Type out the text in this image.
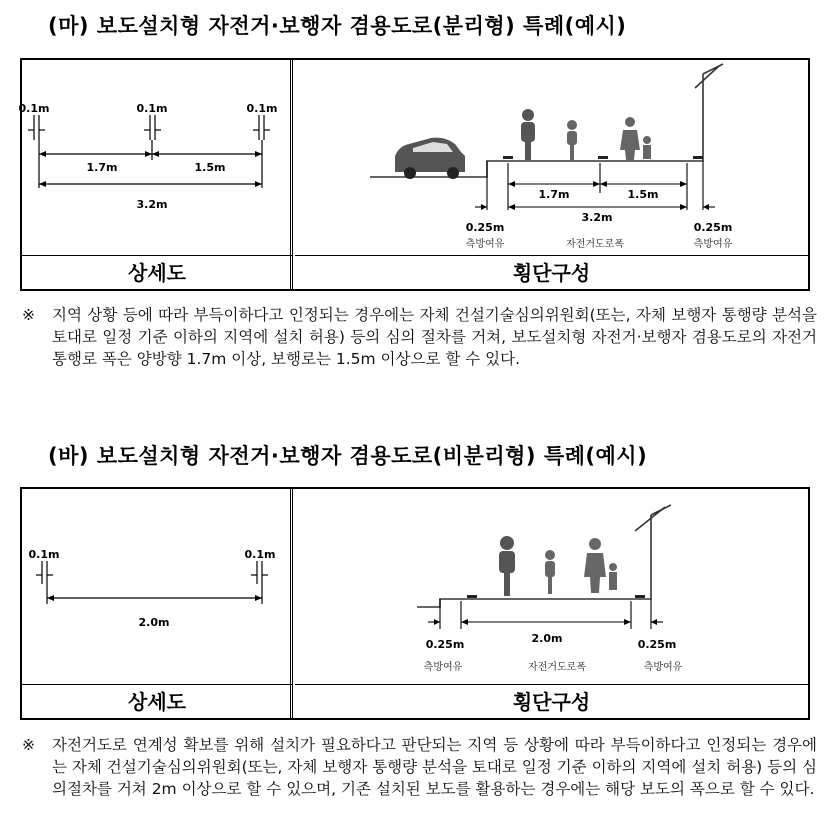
(마) 보도설치형 자전거·보행자 겸용도로(분리형) 특례(예시)
0.1m	0.1m	0.1m
1.7m	1.5m
3.2m
상세도
1.7m	1.5m
3.2m
0.25m	0.25m
측방여유	자전거도로폭	측방여유
횡단구성
※ 지역 상황 등에 따라 부득이하다고 인정되는 경우에는 자체 건설기술심의위원회(또는, 자체 보행자 통행량 분석을 토대로 일정 기준 이하의 지역에 설치 허용) 등의 심의 절차를 거쳐, 보도설치형 자전거·보행자 겸용도로의 자전거 통행로 폭은 양방향 1.7m 이상, 보행로는 1.5m 이상으로 할 수 있다.
(바) 보도설치형 자전거·보행자 겸용도로(비분리형) 특례(예시)
0.1m	0.1m
2.0m
상세도
2.0m
0.25m	0.25m
측방여유	자전거도로폭	측방여유
횡단구성
※ 자전거도로 연계성 확보를 위해 설치가 필요하다고 판단되는 지역 등 상황에 따라 부득이하다고 인정되는 경우에는 자체 건설기술심의위원회(또는, 자체 보행자 통행량 분석을 토대로 일정 기준 이하의 지역에 설치 허용) 등의 심의절차를 거쳐 2m 이상으로 할 수 있으며, 기존 설치된 보도를 활용하는 경우에는 해당 보도의 폭으로 할 수 있다.
